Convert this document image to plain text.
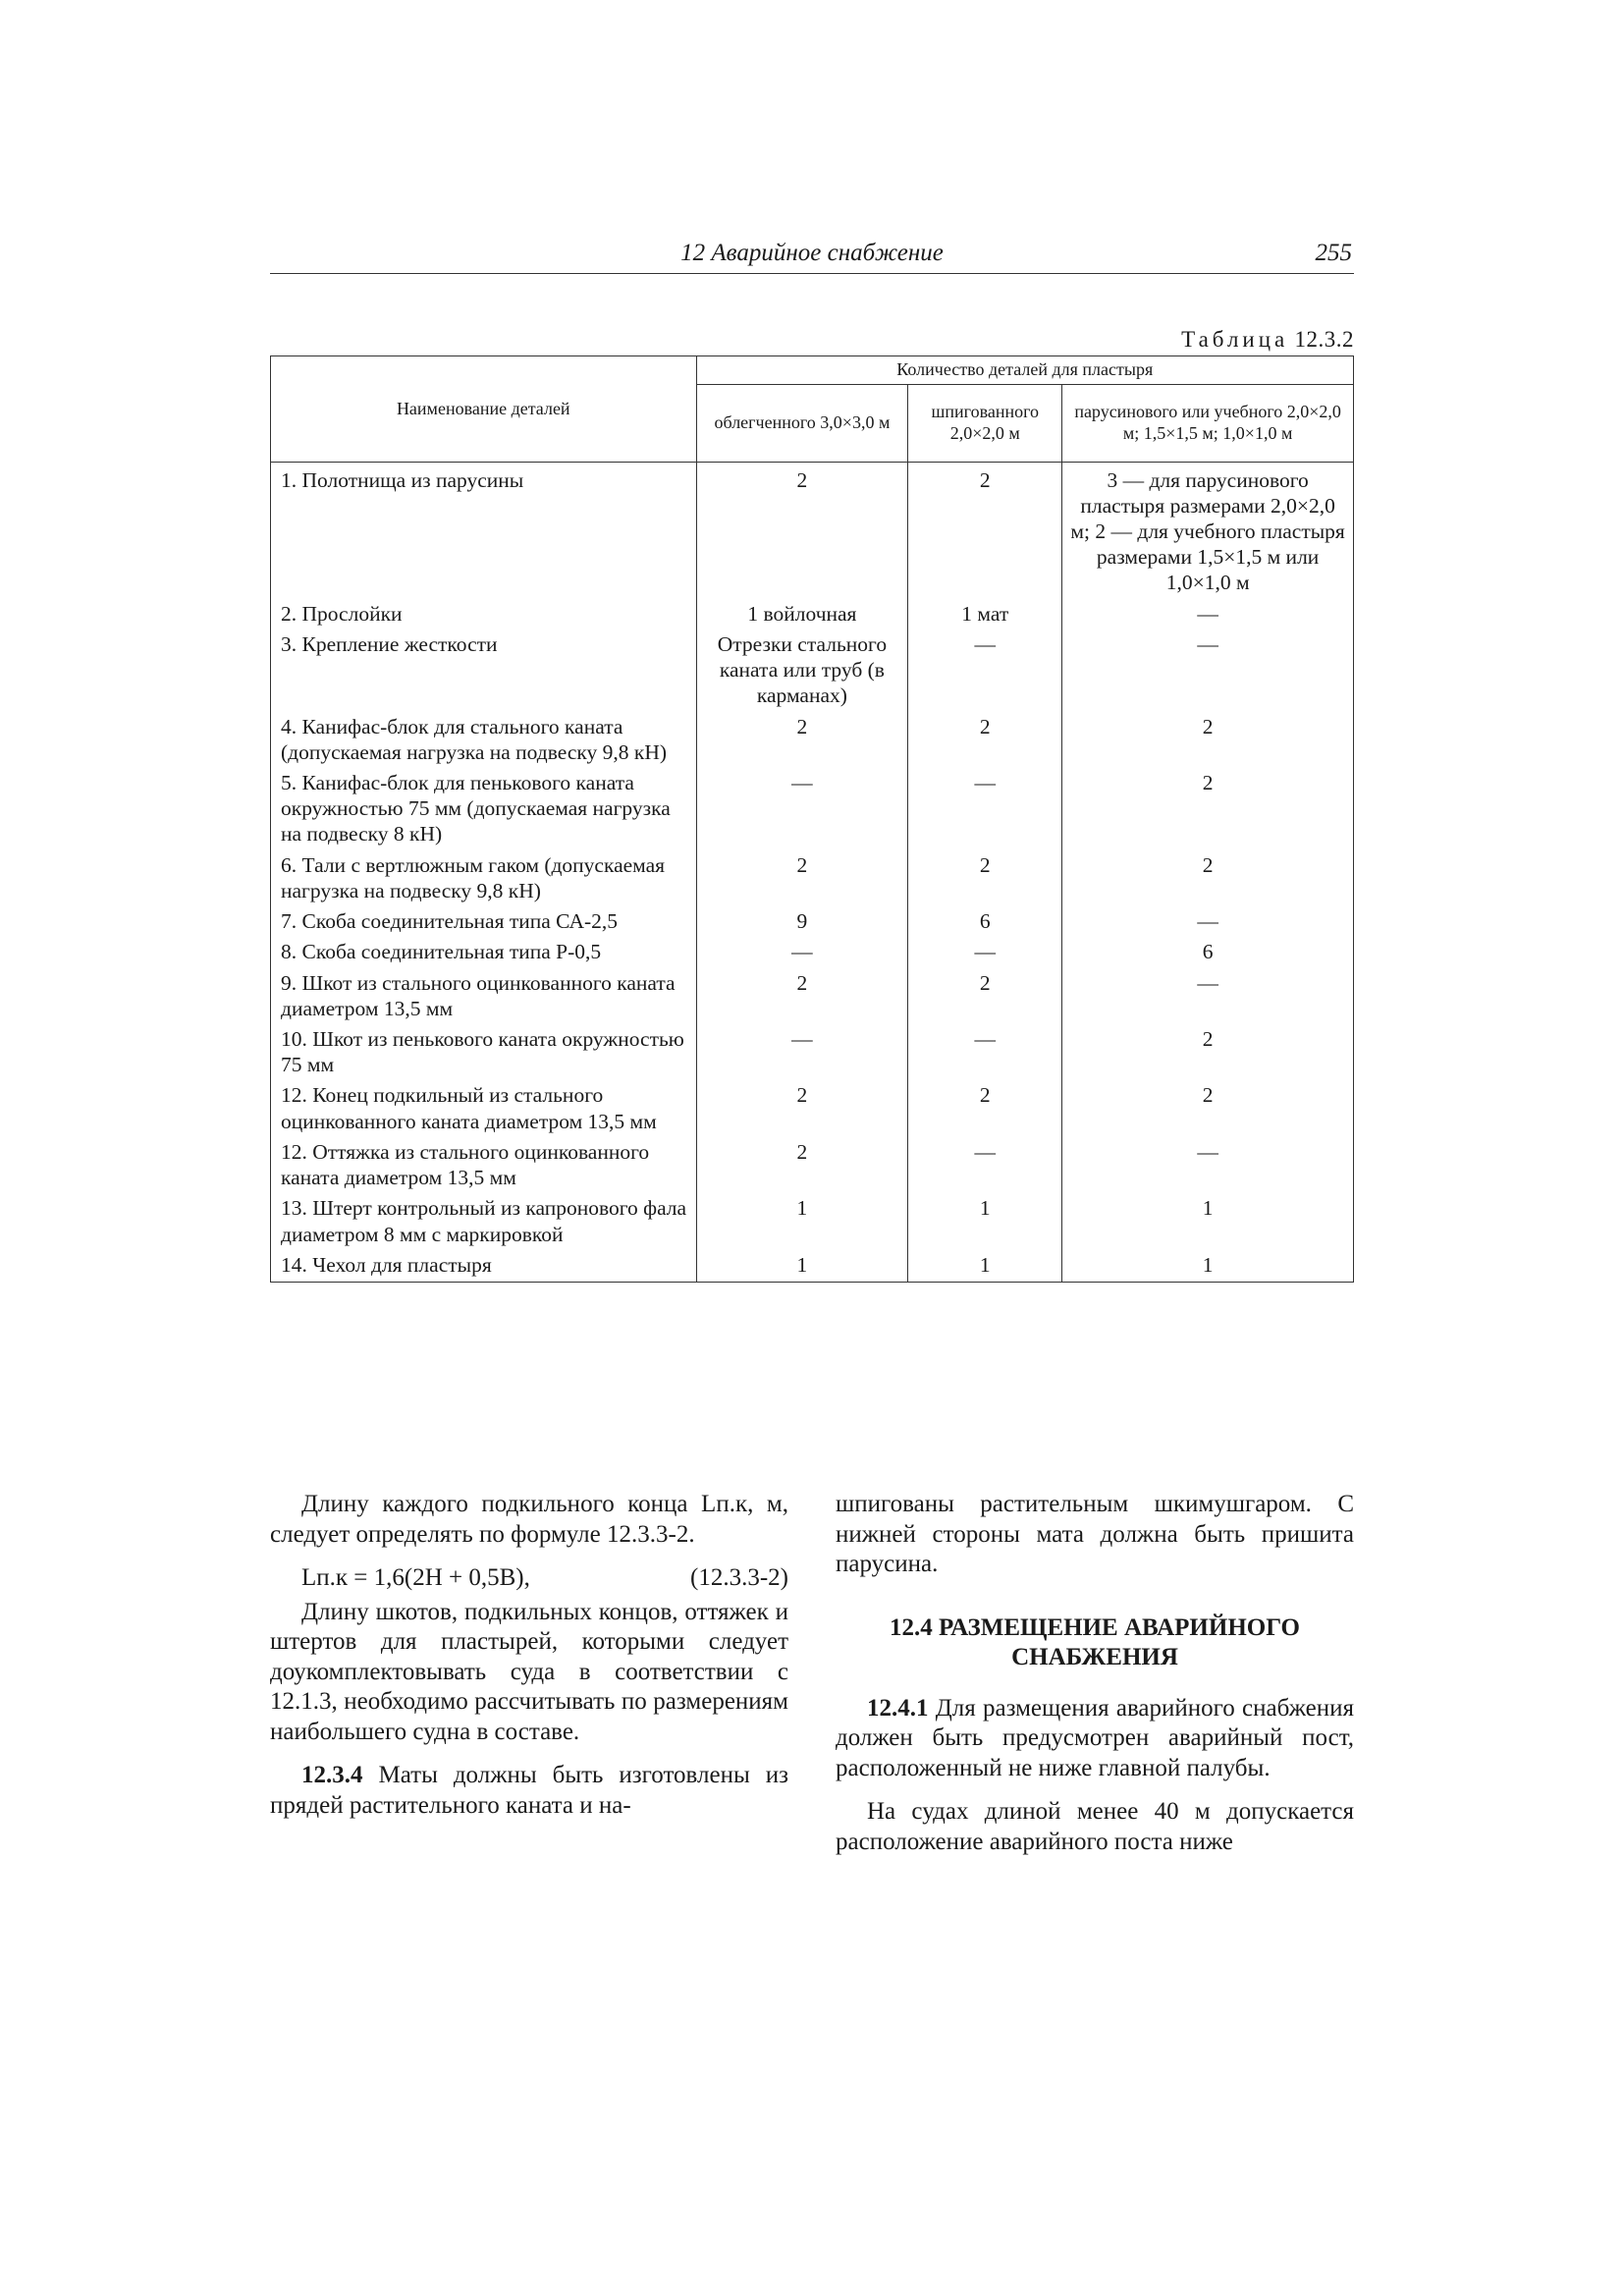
12 Аварийное снабжение	255
Таблица 12.3.2
Наименование деталей	Количество деталей для пластыря		
	облегченного 3,0×3,0 м	шпигованного 2,0×2,0 м	парусинового или учебного 2,0×2,0 м; 1,5×1,5 м; 1,0×1,0 м
1. Полотнища из парусины	2	2	3 — для парусинового пластыря размерами 2,0×2,0 м; 2 — для учебного пластыря размерами 1,5×1,5 м или 1,0×1,0 м
2. Прослойки	1 войлочная	1 мат	—
3. Крепление жесткости	Отрезки стального каната или труб (в карманах)	—	—
4. Канифас-блок для стального каната (допускаемая нагрузка на подвеску 9,8 кН)	2	2	2
5. Канифас-блок для пенькового каната окружностью 75 мм (допускаемая нагрузка на подвеску 8 кН)	—	—	2
6. Тали с вертлюжным гаком (допускаемая нагрузка на подвеску 9,8 кН)	2	2	2
7. Скоба соединительная типа СА-2,5	9	6	—
8. Скоба соединительная типа Р-0,5	—	—	6
9. Шкот из стального оцинкованного каната диаметром 13,5 мм	2	2	—
10. Шкот из пенькового каната окружностью 75 мм	—	—	2
12. Конец подкильный из стального оцинкованного каната диаметром 13,5 мм	2	2	2
12. Оттяжка из стального оцинкованного каната диаметром 13,5 мм	2	—	—
13. Штерт контрольный из капронового фала диаметром 8 мм с маркировкой	1	1	1
14. Чехол для пластыря	1	1	1

Длину каждого подкильного конца Lп.к, м, следует определять по формуле 12.3.3-2.

Lп.к = 1,6(2H + 0,5B),	(12.3.3-2)

Длину шкотов, подкильных концов, оттяжек и штертов для пластырей, которыми следует доукомплектовывать суда в соответствии с 12.1.3, необходимо рассчитывать по размерениям наибольшего судна в составе.

12.3.4 Маты должны быть изготовлены из прядей растительного каната и на-

шпигованы растительным шкимушгаром. С нижней стороны мата должна быть пришита парусина.

12.4 РАЗМЕЩЕНИЕ АВАРИЙНОГО СНАБЖЕНИЯ

12.4.1 Для размещения аварийного снабжения должен быть предусмотрен аварийный пост, расположенный не ниже главной палубы.

На судах длиной менее 40 м допускается расположение аварийного поста ниже
